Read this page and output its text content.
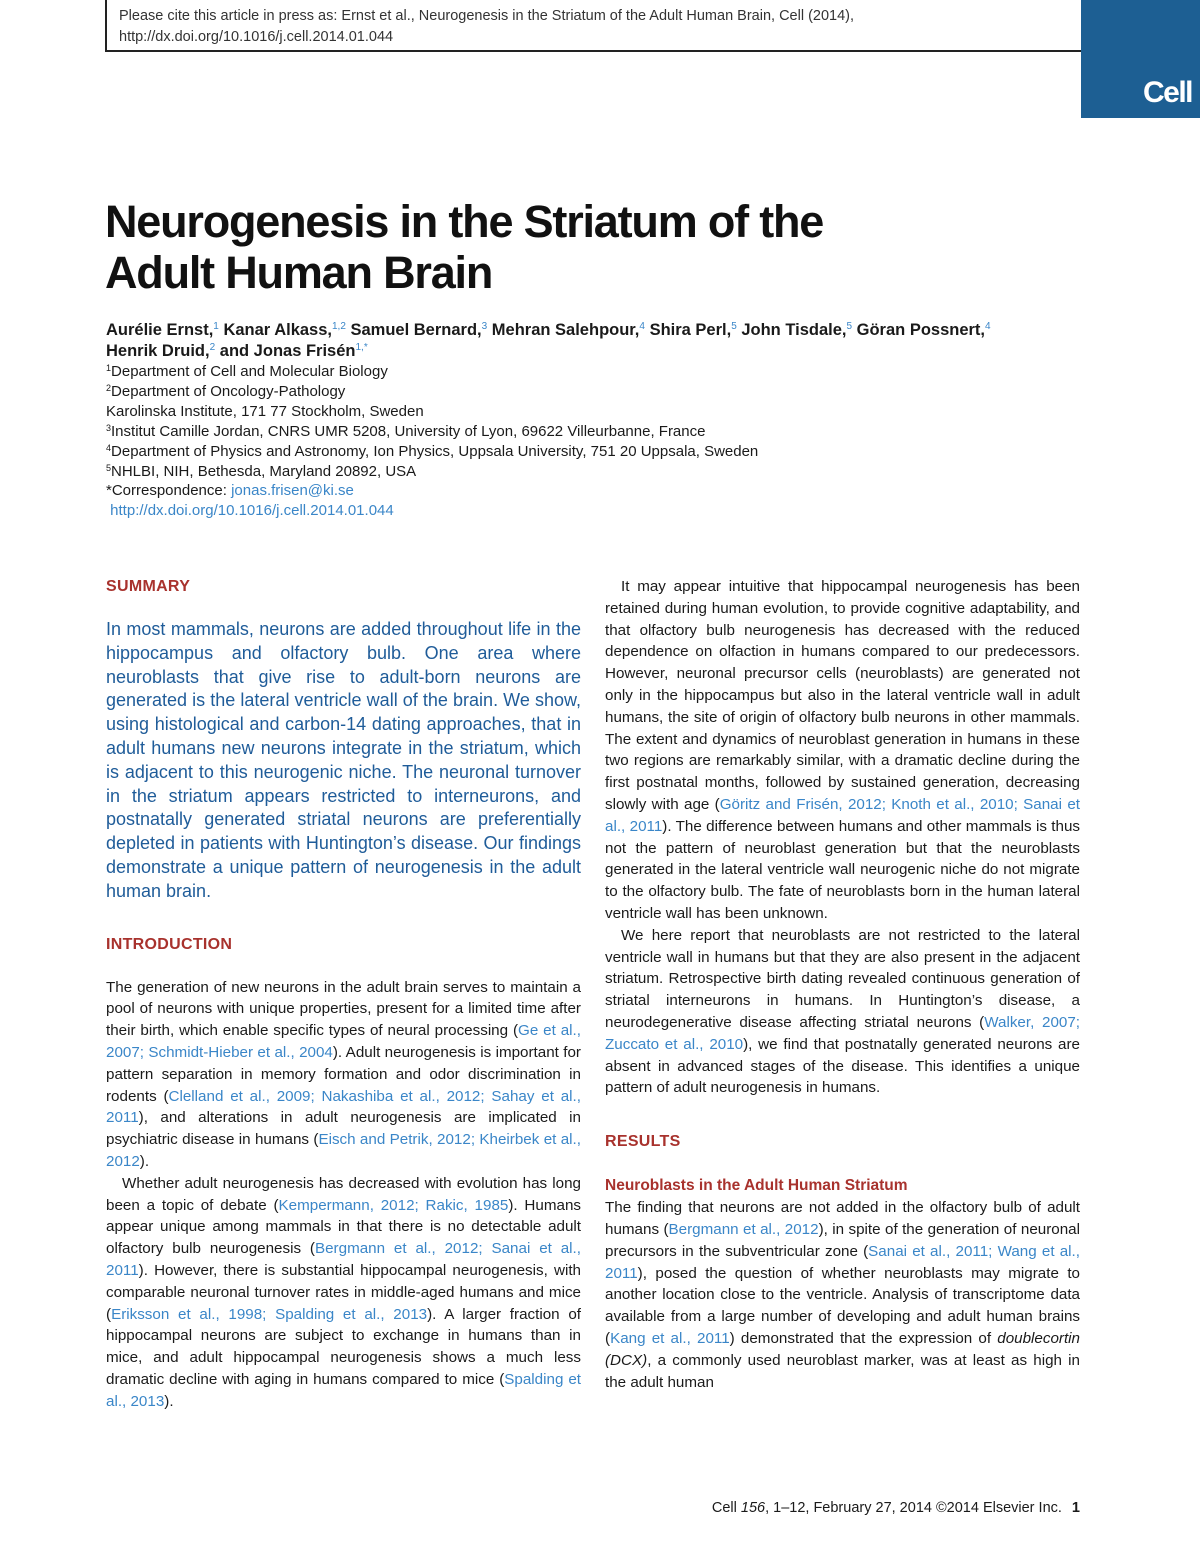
Please cite this article in press as: Ernst et al., Neurogenesis in the Striatum of the Adult Human Brain, Cell (2014), http://dx.doi.org/10.1016/j.cell.2014.01.044
Cell
Neurogenesis in the Striatum of the Adult Human Brain
Aurélie Ernst,$^1$ Kanar Alkass,$^{1,2}$ Samuel Bernard,$^3$ Mehran Salehpour,$^4$ Shira Perl,$^5$ John Tisdale,$^5$ Göran Possnert,$^4$
Henrik Druid,$^2$ and Jonas Frisén$^{1,*}$
$^1$Department of Cell and Molecular Biology
$^2$Department of Oncology-Pathology
Karolinska Institute, 171 77 Stockholm, Sweden
$^3$Institut Camille Jordan, CNRS UMR 5208, University of Lyon, 69622 Villeurbanne, France
$^4$Department of Physics and Astronomy, Ion Physics, Uppsala University, 751 20 Uppsala, Sweden
$^5$NHLBI, NIH, Bethesda, Maryland 20892, USA
*Correspondence: jonas.frisen@ki.se
http://dx.doi.org/10.1016/j.cell.2014.01.044
SUMMARY

In most mammals, neurons are added throughout life in the hippocampus and olfactory bulb. One area where neuroblasts that give rise to adult-born neurons are generated is the lateral ventricle wall of the brain. We show, using histological and carbon-14 dating approaches, that in adult humans new neurons integrate in the striatum, which is adjacent to this neurogenic niche. The neuronal turnover in the striatum appears restricted to interneurons, and postnatally generated striatal neurons are preferentially depleted in patients with Huntington’s disease. Our findings demonstrate a unique pattern of neurogenesis in the adult human brain.

INTRODUCTION

The generation of new neurons in the adult brain serves to maintain a pool of neurons with unique properties, present for a limited time after their birth, which enable specific types of neural processing (Ge et al., 2007; Schmidt-Hieber et al., 2004). Adult neurogenesis is important for pattern separation in memory formation and odor discrimination in rodents (Clelland et al., 2009; Nakashiba et al., 2012; Sahay et al., 2011), and alterations in adult neurogenesis are implicated in psychiatric disease in humans (Eisch and Petrik, 2012; Kheirbek et al., 2012).

Whether adult neurogenesis has decreased with evolution has long been a topic of debate (Kempermann, 2012; Rakic, 1985). Humans appear unique among mammals in that there is no detectable adult olfactory bulb neurogenesis (Bergmann et al., 2012; Sanai et al., 2011). However, there is substantial hippocampal neurogenesis, with comparable neuronal turnover rates in middle-aged humans and mice (Eriksson et al., 1998; Spalding et al., 2013). A larger fraction of hippocampal neurons are subject to exchange in humans than in mice, and adult hippocampal neurogenesis shows a much less dramatic decline with aging in humans compared to mice (Spalding et al., 2013).

It may appear intuitive that hippocampal neurogenesis has been retained during human evolution, to provide cognitive adaptability, and that olfactory bulb neurogenesis has decreased with the reduced dependence on olfaction in humans compared to our predecessors. However, neuronal precursor cells (neuroblasts) are generated not only in the hippocampus but also in the lateral ventricle wall in adult humans, the site of origin of olfactory bulb neurons in other mammals. The extent and dynamics of neuroblast generation in humans in these two regions are remarkably similar, with a dramatic decline during the first postnatal months, followed by sustained generation, decreasing slowly with age (Göritz and Frisén, 2012; Knoth et al., 2010; Sanai et al., 2011). The difference between humans and other mammals is thus not the pattern of neuroblast generation but that the neuroblasts generated in the lateral ventricle wall neurogenic niche do not migrate to the olfactory bulb. The fate of neuroblasts born in the human lateral ventricle wall has been unknown.

We here report that neuroblasts are not restricted to the lateral ventricle wall in humans but that they are also present in the adjacent striatum. Retrospective birth dating revealed continuous generation of striatal interneurons in humans. In Huntington’s disease, a neurodegenerative disease affecting striatal neurons (Walker, 2007; Zuccato et al., 2010), we find that postnatally generated neurons are absent in advanced stages of the disease. This identifies a unique pattern of adult neurogenesis in humans.

RESULTS
Neuroblasts in the Adult Human Striatum

The finding that neurons are not added in the olfactory bulb of adult humans (Bergmann et al., 2012), in spite of the generation of neuronal precursors in the subventricular zone (Sanai et al., 2011; Wang et al., 2011), posed the question of whether neuroblasts may migrate to another location close to the ventricle. Analysis of transcriptome data available from a large number of developing and adult human brains (Kang et al., 2011) demonstrated that the expression of doublecortin (DCX), a commonly used neuroblast marker, was at least as high in the adult human

Cell 156, 1–12, February 27, 2014 ©2014 Elsevier Inc. 1
